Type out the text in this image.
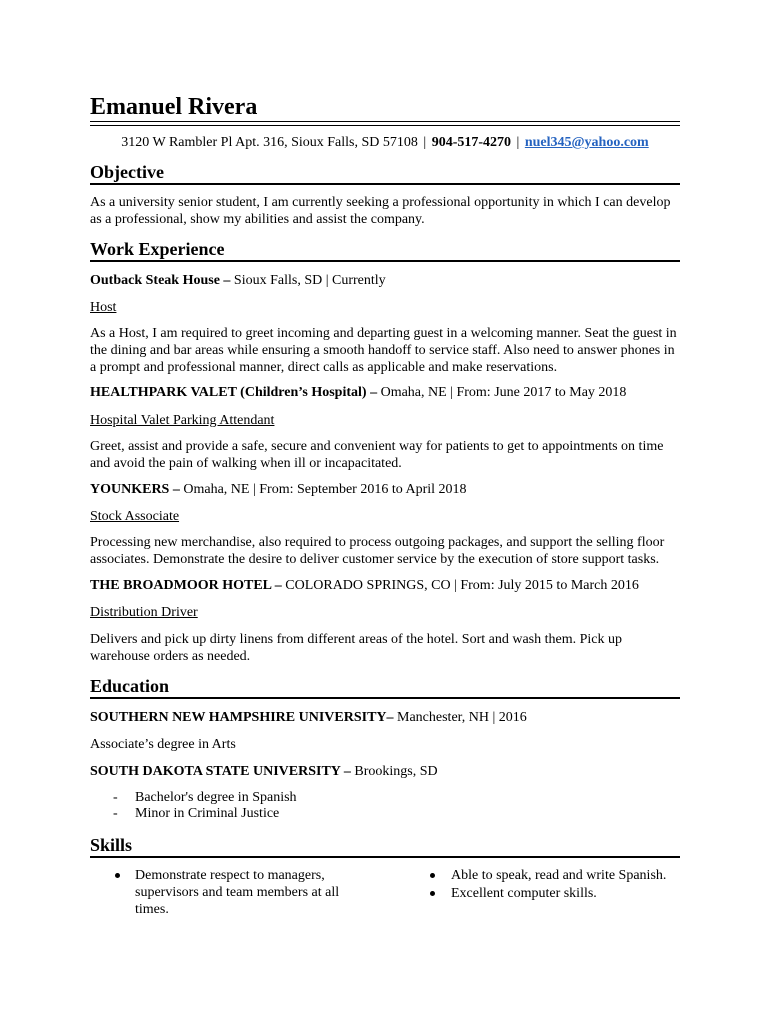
Emanuel Rivera
3120 W Rambler Pl Apt. 316, Sioux Falls, SD 57108 | 904-517-4270 | nuel345@yahoo.com
Objective
As a university senior student, I am currently seeking a professional opportunity in which I can develop as a professional, show my abilities and assist the company.
Work Experience
Outback Steak House – Sioux Falls, SD | Currently
Host
As a Host, I am required to greet incoming and departing guest in a welcoming manner. Seat the guest in the dining and bar areas while ensuring a smooth handoff to service staff. Also need to answer phones in a prompt and professional manner, direct calls as applicable and make reservations.
HEALTHPARK VALET (Children’s Hospital) – Omaha, NE | From: June 2017 to May 2018
Hospital Valet Parking Attendant
Greet, assist and provide a safe, secure and convenient way for patients to get to appointments on time and avoid the pain of walking when ill or incapacitated.
YOUNKERS – Omaha, NE | From: September 2016 to April 2018
Stock Associate
Processing new merchandise, also required to process outgoing packages, and support the selling floor associates. Demonstrate the desire to deliver customer service by the execution of store support tasks.
THE BROADMOOR HOTEL – COLORADO SPRINGS, CO | From: July 2015 to March 2016
Distribution Driver
Delivers and pick up dirty linens from different areas of the hotel. Sort and wash them. Pick up warehouse orders as needed.
Education
SOUTHERN NEW HAMPSHIRE UNIVERSITY– Manchester, NH | 2016
Associate’s degree in Arts
SOUTH DAKOTA STATE UNIVERSITY – Brookings, SD
- Bachelor's degree in Spanish
- Minor in Criminal Justice
Skills
Demonstrate respect to managers, supervisors and team members at all times.
Able to speak, read and write Spanish.
Excellent computer skills.
